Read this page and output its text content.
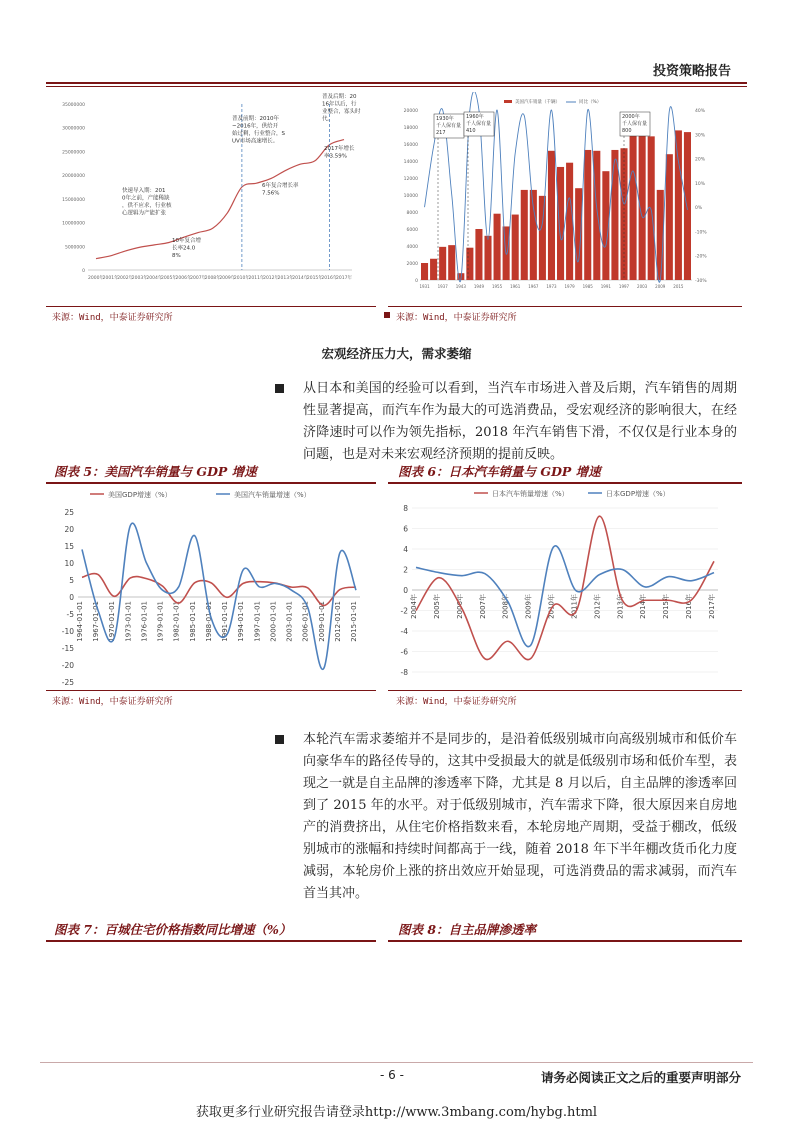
投资策略报告
0
5000000
10000000
15000000
20000000
25000000
30000000
35000000
2000年
2001年
2002年
2003年
2004年
2005年
2006年
2007年
2008年
2009年
2010年
2011年
2012年
2013年
2014年
2015年
2016年
2017年
快速导入期：201 0年之前，产能稀缺，供不应求，行业核心逻辑为产能扩张
10年复合增长率24.0 8%
普及前期：2010年~2016年，供给开始过剩，行业整合，S UV市场高速增长。
6年复合增长率 7.56%
普及后期：20 16年以后，行业整合，寡头时代。
2017年增长率3.59%
来源：Wind，中泰证券研究所
0
2000
4000
6000
8000
10000
12000
14000
16000
18000
20000
-30%
-20%
-10%
0%
10%
20%
30%
40%
1931 1937 1943 1949 1955 1961 1967 1973 1979 1985 1991 1997 2003 2009 2015
美国汽车销量（千辆）	同比（%）
1930年千人保有量 217
1960年千人保有量 410
2000年千人保有量 800
来源：Wind，中泰证券研究所
宏观经济压力大，需求萎缩
从日本和美国的经验可以看到，当汽车市场进入普及后期，汽车销售的周期性显著提高，而汽车作为最大的可选消费品，受宏观经济的影响很大，在经济降速时可以作为领先指标，2018 年汽车销售下滑，不仅仅是行业本身的问题，也是对未来宏观经济预期的提前反映。
图表 5：美国汽车销量与 GDP 增速	图表 6：日本汽车销量与 GDP 增速
-25
-20
-15
-10
-5
0
5
10
15
20
25
1964-01-01 1967-01-01 1970-01-01 1973-01-01 1976-01-01 1979-01-01 1982-01-01 1985-01-01 1988-01-01 1991-01-01 1994-01-01 1997-01-01 2000-01-01 2003-01-01 2006-01-01 2009-01-01 2012-01-01 2015-01-01
美国GDP增速（%）	美国汽车销量增速（%）
来源：Wind，中泰证券研究所
-8
-6
-4
-2
0
2
4
6
8
2004年 2005年 2006年 2007年 2008年 2009年 2010年 2011年 2012年 2013年 2014年 2015年 2016年 2017年
日本汽车销量增速（%）	日本GDP增速（%）
来源：Wind，中泰证券研究所
本轮汽车需求萎缩并不是同步的，是沿着低级别城市向高级别城市和低价车向豪华车的路径传导的，这其中受损最大的就是低级别市场和低价车型，表现之一就是自主品牌的渗透率下降，尤其是 8 月以后，自主品牌的渗透率回到了 2015 年的水平。对于低级别城市，汽车需求下降，很大原因来自房地产的消费挤出，从住宅价格指数来看，本轮房地产周期，受益于棚改，低级别城市的涨幅和持续时间都高于一线，随着 2018 年下半年棚改货币化力度减弱，本轮房价上涨的挤出效应开始显现，可选消费品的需求减弱，而汽车首当其冲。
图表 7：百城住宅价格指数同比增速（%）	图表 8：自主品牌渗透率
- 6 -	请务必阅读正文之后的重要声明部分
获取更多行业研究报告请登录http://www.3mbang.com/hybg.html
